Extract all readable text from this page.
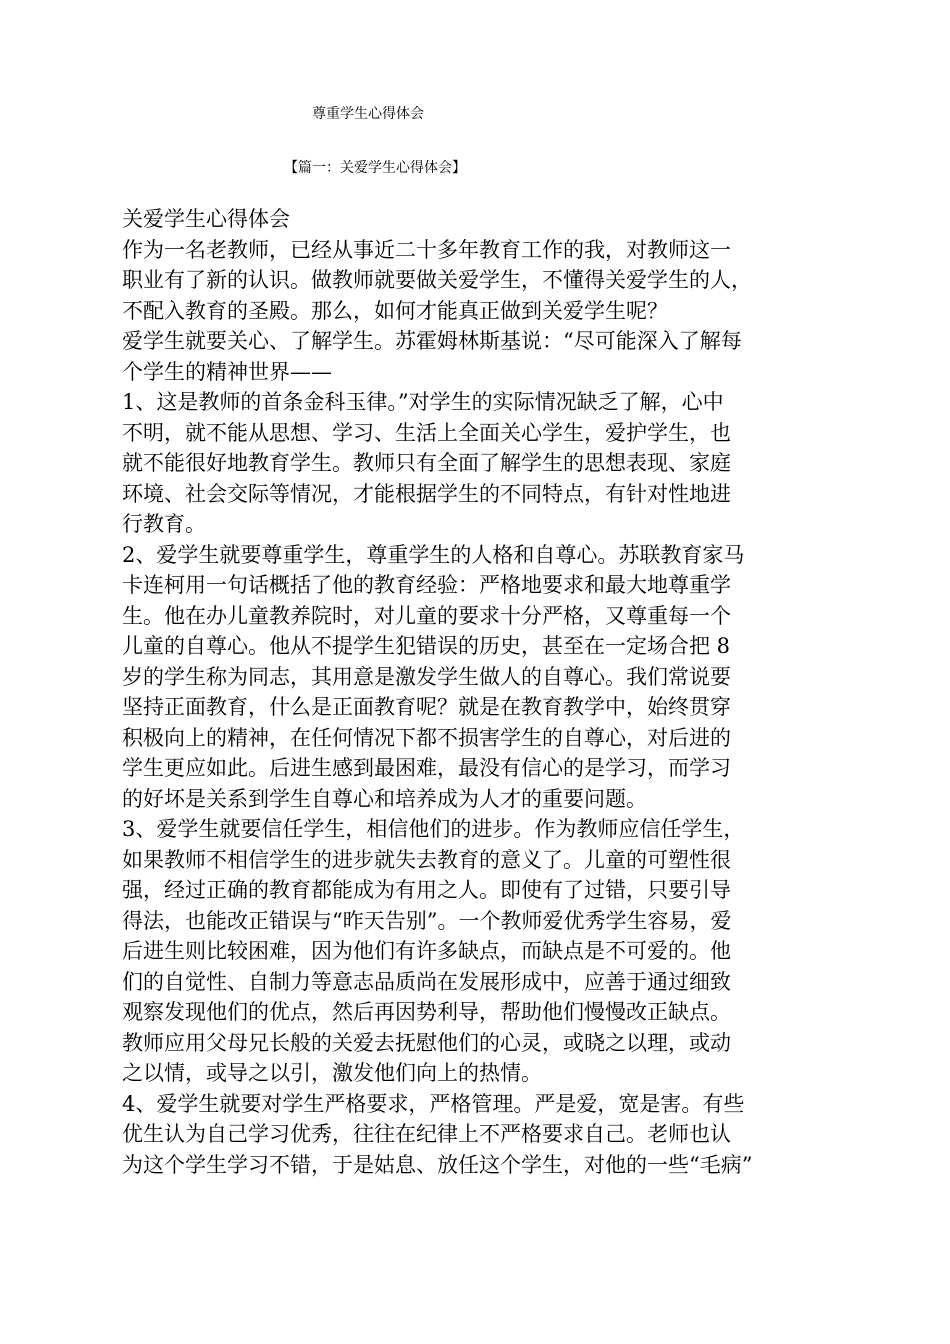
尊重学生心得体会
【篇一：关爱学生心得体会】

关爱学生心得体会

作为一名老教师，已经从事近二十多年教育工作的我，对教师这一
职业有了新的认识。做教师就要做关爱学生，不懂得关爱学生的人，
不配入教育的圣殿。那么，如何才能真正做到关爱学生呢？

爱学生就要关心、了解学生。苏霍姆林斯基说：“尽可能深入了解每
个学生的精神世界——

1、这是教师的首条金科玉律。”对学生的实际情况缺乏了解，心中
不明，就不能从思想、学习、生活上全面关心学生，爱护学生，也
就不能很好地教育学生。教师只有全面了解学生的思想表现、家庭
环境、社会交际等情况，才能根据学生的不同特点，有针对性地进
行教育。

2、爱学生就要尊重学生，尊重学生的人格和自尊心。苏联教育家马
卡连柯用一句话概括了他的教育经验：严格地要求和最大地尊重学
生。他在办儿童教养院时，对儿童的要求十分严格，又尊重每一个
儿童的自尊心。他从不提学生犯错误的历史，甚至在一定场合把 8
岁的学生称为同志，其用意是激发学生做人的自尊心。我们常说要
坚持正面教育，什么是正面教育呢？就是在教育教学中，始终贯穿
积极向上的精神，在任何情况下都不损害学生的自尊心，对后进的
学生更应如此。后进生感到最困难，最没有信心的是学习，而学习
的好坏是关系到学生自尊心和培养成为人才的重要问题。

3、爱学生就要信任学生，相信他们的进步。作为教师应信任学生，
如果教师不相信学生的进步就失去教育的意义了。儿童的可塑性很
强，经过正确的教育都能成为有用之人。即使有了过错，只要引导
得法，也能改正错误与“昨天告别”。一个教师爱优秀学生容易，爱
后进生则比较困难，因为他们有许多缺点，而缺点是不可爱的。他
们的自觉性、自制力等意志品质尚在发展形成中，应善于通过细致
观察发现他们的优点，然后再因势利导，帮助他们慢慢改正缺点。
教师应用父母兄长般的关爱去抚慰他们的心灵，或晓之以理，或动
之以情，或导之以引，激发他们向上的热情。

4、爱学生就要对学生严格要求，严格管理。严是爱，宽是害。有些
优生认为自己学习优秀，往往在纪律上不严格要求自己。老师也认
为这个学生学习不错，于是姑息、放任这个学生，对他的一些“毛病”
